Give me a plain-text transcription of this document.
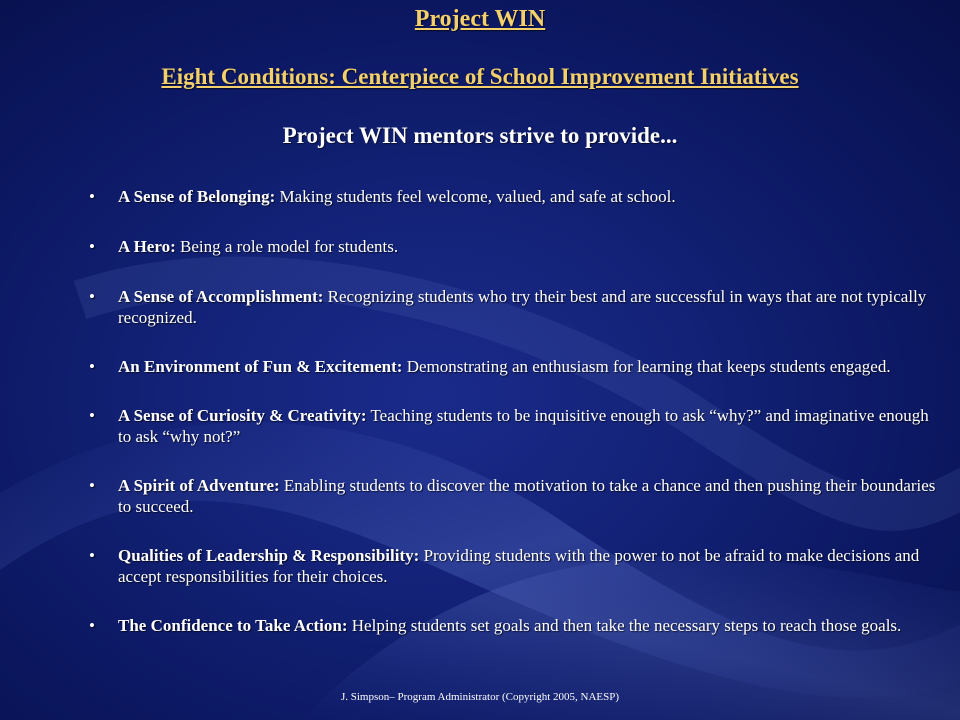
Project WIN
Eight Conditions: Centerpiece of School Improvement Initiatives
Project WIN mentors strive to provide...
•	A Sense of Belonging: Making students feel welcome, valued, and safe at school.
•	A Hero: Being a role model for students.
•	A Sense of Accomplishment: Recognizing students who try their best and are successful in ways that are not typically recognized.
•	An Environment of Fun & Excitement: Demonstrating an enthusiasm for learning that keeps students engaged.
•	A Sense of Curiosity & Creativity: Teaching students to be inquisitive enough to ask “why?” and imaginative enough to ask “why not?”
•	A Spirit of Adventure: Enabling students to discover the motivation to take a chance and then pushing their boundaries to succeed.
•	Qualities of Leadership & Responsibility: Providing students with the power to not be afraid to make decisions and accept responsibilities for their choices.
•	The Confidence to Take Action: Helping students set goals and then take the necessary steps to reach those goals.
J. Simpson– Program Administrator (Copyright 2005, NAESP)
